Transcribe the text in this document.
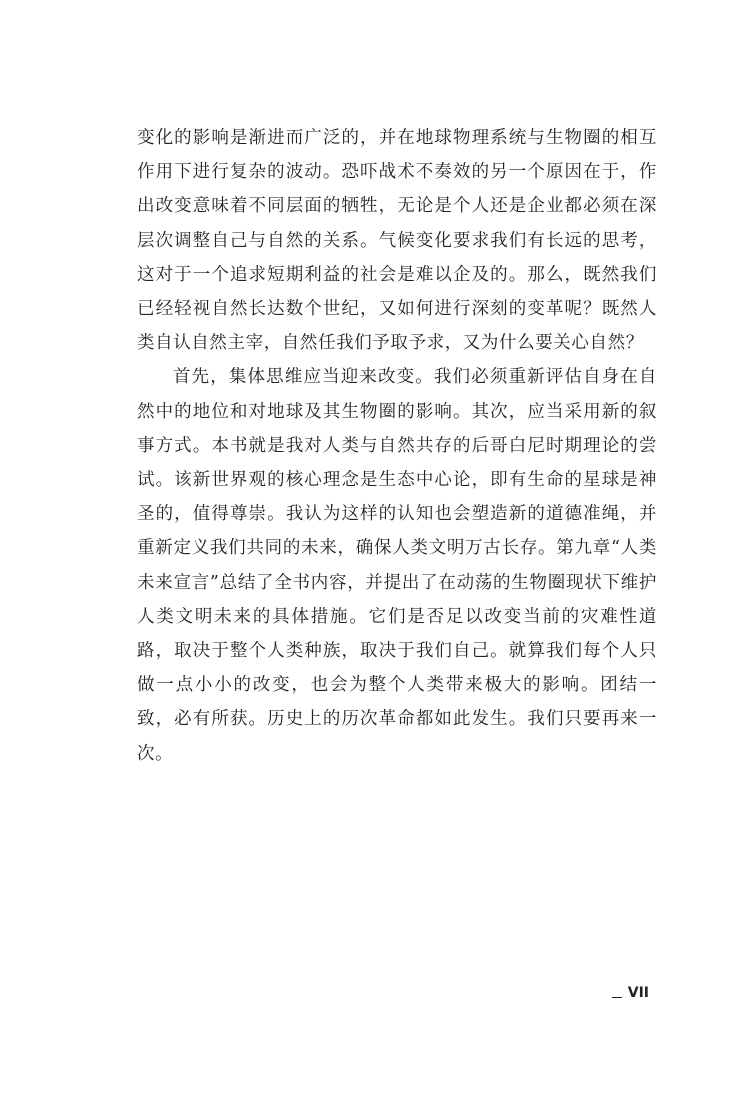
变化的影响是渐进而广泛的，并在地球物理系统与生物圈的相互作用下进行复杂的波动。恐吓战术不奏效的另一个原因在于，作出改变意味着不同层面的牺牲，无论是个人还是企业都必须在深层次调整自己与自然的关系。气候变化要求我们有长远的思考，这对于一个追求短期利益的社会是难以企及的。那么，既然我们已经轻视自然长达数个世纪，又如何进行深刻的变革呢？既然人类自认自然主宰，自然任我们予取予求，又为什么要关心自然？

首先，集体思维应当迎来改变。我们必须重新评估自身在自然中的地位和对地球及其生物圈的影响。其次，应当采用新的叙事方式。本书就是我对人类与自然共存的后哥白尼时期理论的尝试。该新世界观的核心理念是生态中心论，即有生命的星球是神圣的，值得尊崇。我认为这样的认知也会塑造新的道德准绳，并重新定义我们共同的未来，确保人类文明万古长存。第九章“人类未来宣言”总结了全书内容，并提出了在动荡的生物圈现状下维护人类文明未来的具体措施。它们是否足以改变当前的灾难性道路，取决于整个人类种族，取决于我们自己。就算我们每个人只做一点小小的改变，也会为整个人类带来极大的影响。团结一致，必有所获。历史上的历次革命都如此发生。我们只要再来一次。

VII
